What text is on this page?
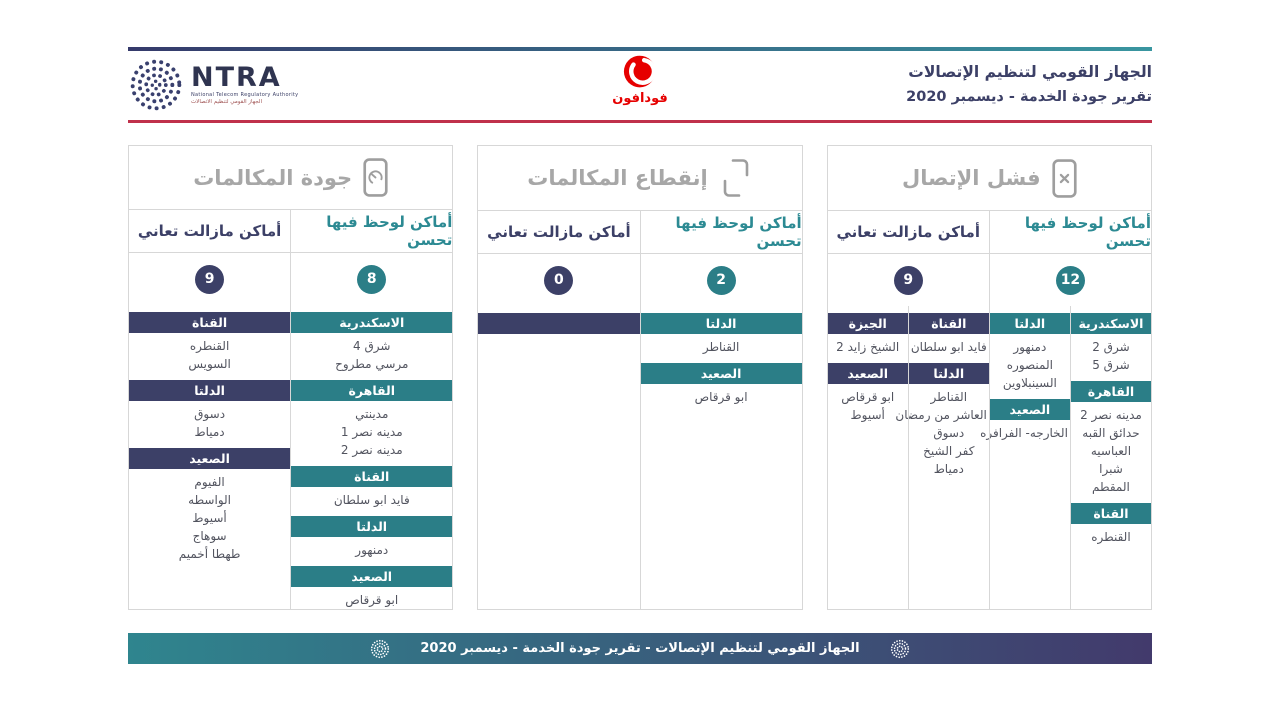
NTRA
National Telecom Regulatory Authority
الجهاز القومي لتنظيم الاتصالات	فودافون
الجهاز القومي لتنظيم الإتصالات
تقرير جودة الخدمة - ديسمبر 2020
فشل الإتصال
أماكن لوحظ فيها تحسن
أماكن مازالت تعاني
12
الاسكندرية
شرق 2
شرق 5
القاهرة
مدينه نصر 2
حدائق القبه
العباسيه
شبرا
المقطم
القناة
القنطره
الدلتا
دمنهور
المنصوره
السينبلاوين
الصعيد
الخارجه- الفرافره
9
القناة
فايد ابو سلطان
الدلتا
القناطر
العاشر من رمضان
دسوق
كفر الشيخ
دمياط
الجيزة
الشيخ زايد 2
الصعيد
ابو قرقاص
أسيوط
إنقطاع المكالمات
أماكن لوحظ فيها تحسن
أماكن مازالت تعاني
2
الدلتا
القناطر
الصعيد
ابو قرقاص
0
جودة المكالمات
أماكن لوحظ فيها تحسن
أماكن مازالت تعاني
8
الاسكندرية
شرق 4
مرسي مطروح
القاهرة
مدينتي
مدينه نصر 1
مدينه نصر 2
القناة
فايد ابو سلطان
الدلتا
دمنهور
الصعيد
ابو قرقاص
9
القناة
القنطره
السويس
الدلتا
دسوق
دمياط
الصعيد
الفيوم
الواسطه
أسيوط
سوهاج
طهطا أخميم
الجهاز القومي لتنظيم الإتصالات - تقرير جودة الخدمة - ديسمبر 2020
